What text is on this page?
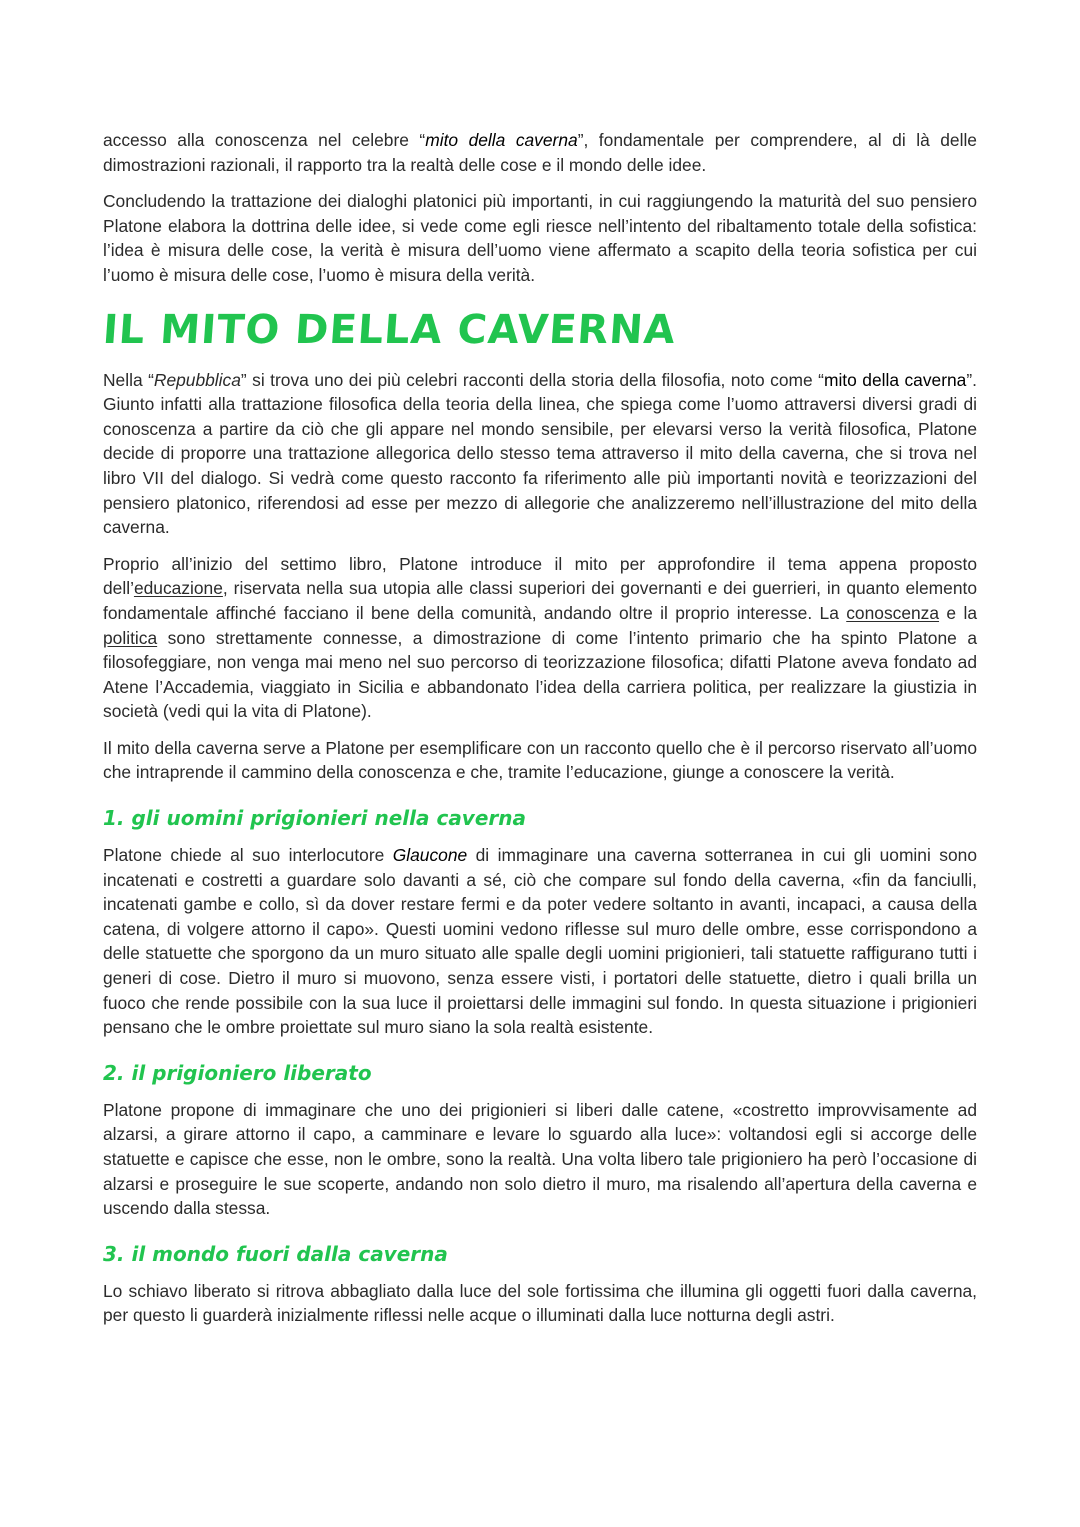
accesso alla conoscenza nel celebre “mito della caverna”, fondamentale per comprendere, al di là delle dimostrazioni razionali, il rapporto tra la realtà delle cose e il mondo delle idee.

Concludendo la trattazione dei dialoghi platonici più importanti, in cui raggiungendo la maturità del suo pensiero Platone elabora la dottrina delle idee, si vede come egli riesce nell’intento del ribaltamento totale della sofistica: l’idea è misura delle cose, la verità è misura dell’uomo viene affermato a scapito della teoria sofistica per cui l’uomo è misura delle cose, l’uomo è misura della verità.

IL MITO DELLA CAVERNA

Nella “Repubblica” si trova uno dei più celebri racconti della storia della filosofia, noto come “mito della caverna”. Giunto infatti alla trattazione filosofica della teoria della linea, che spiega come l’uomo attraversi diversi gradi di conoscenza a partire da ciò che gli appare nel mondo sensibile, per elevarsi verso la verità filosofica, Platone decide di proporre una trattazione allegorica dello stesso tema attraverso il mito della caverna, che si trova nel libro VII del dialogo. Si vedrà come questo racconto fa riferimento alle più importanti novità e teorizzazioni del pensiero platonico, riferendosi ad esse per mezzo di allegorie che analizzeremo nell’illustrazione del mito della caverna.

Proprio all’inizio del settimo libro, Platone introduce il mito per approfondire il tema appena proposto dell’educazione, riservata nella sua utopia alle classi superiori dei governanti e dei guerrieri, in quanto elemento fondamentale affinché facciano il bene della comunità, andando oltre il proprio interesse. La conoscenza e la politica sono strettamente connesse, a dimostrazione di come l’intento primario che ha spinto Platone a filosofeggiare, non venga mai meno nel suo percorso di teorizzazione filosofica; difatti Platone aveva fondato ad Atene l’Accademia, viaggiato in Sicilia e abbandonato l’idea della carriera politica, per realizzare la giustizia in società (vedi qui la vita di Platone).

Il mito della caverna serve a Platone per esemplificare con un racconto quello che è il percorso riservato all’uomo che intraprende il cammino della conoscenza e che, tramite l’educazione, giunge a conoscere la verità.

1. gli uomini prigionieri nella caverna

Platone chiede al suo interlocutore Glaucone di immaginare una caverna sotterranea in cui gli uomini sono incatenati e costretti a guardare solo davanti a sé, ciò che compare sul fondo della caverna, «fin da fanciulli, incatenati gambe e collo, sì da dover restare fermi e da poter vedere soltanto in avanti, incapaci, a causa della catena, di volgere attorno il capo». Questi uomini vedono riflesse sul muro delle ombre, esse corrispondono a delle statuette che sporgono da un muro situato alle spalle degli uomini prigionieri, tali statuette raffigurano tutti i generi di cose. Dietro il muro si muovono, senza essere visti, i portatori delle statuette, dietro i quali brilla un fuoco che rende possibile con la sua luce il proiettarsi delle immagini sul fondo. In questa situazione i prigionieri pensano che le ombre proiettate sul muro siano la sola realtà esistente.

2. il prigioniero liberato

Platone propone di immaginare che uno dei prigionieri si liberi dalle catene, «costretto improvvisamente ad alzarsi, a girare attorno il capo, a camminare e levare lo sguardo alla luce»: voltandosi egli si accorge delle statuette e capisce che esse, non le ombre, sono la realtà. Una volta libero tale prigioniero ha però l’occasione di alzarsi e proseguire le sue scoperte, andando non solo dietro il muro, ma risalendo all’apertura della caverna e uscendo dalla stessa.

3. il mondo fuori dalla caverna

Lo schiavo liberato si ritrova abbagliato dalla luce del sole fortissima che illumina gli oggetti fuori dalla caverna, per questo li guarderà inizialmente riflessi nelle acque o illuminati dalla luce notturna degli astri.
